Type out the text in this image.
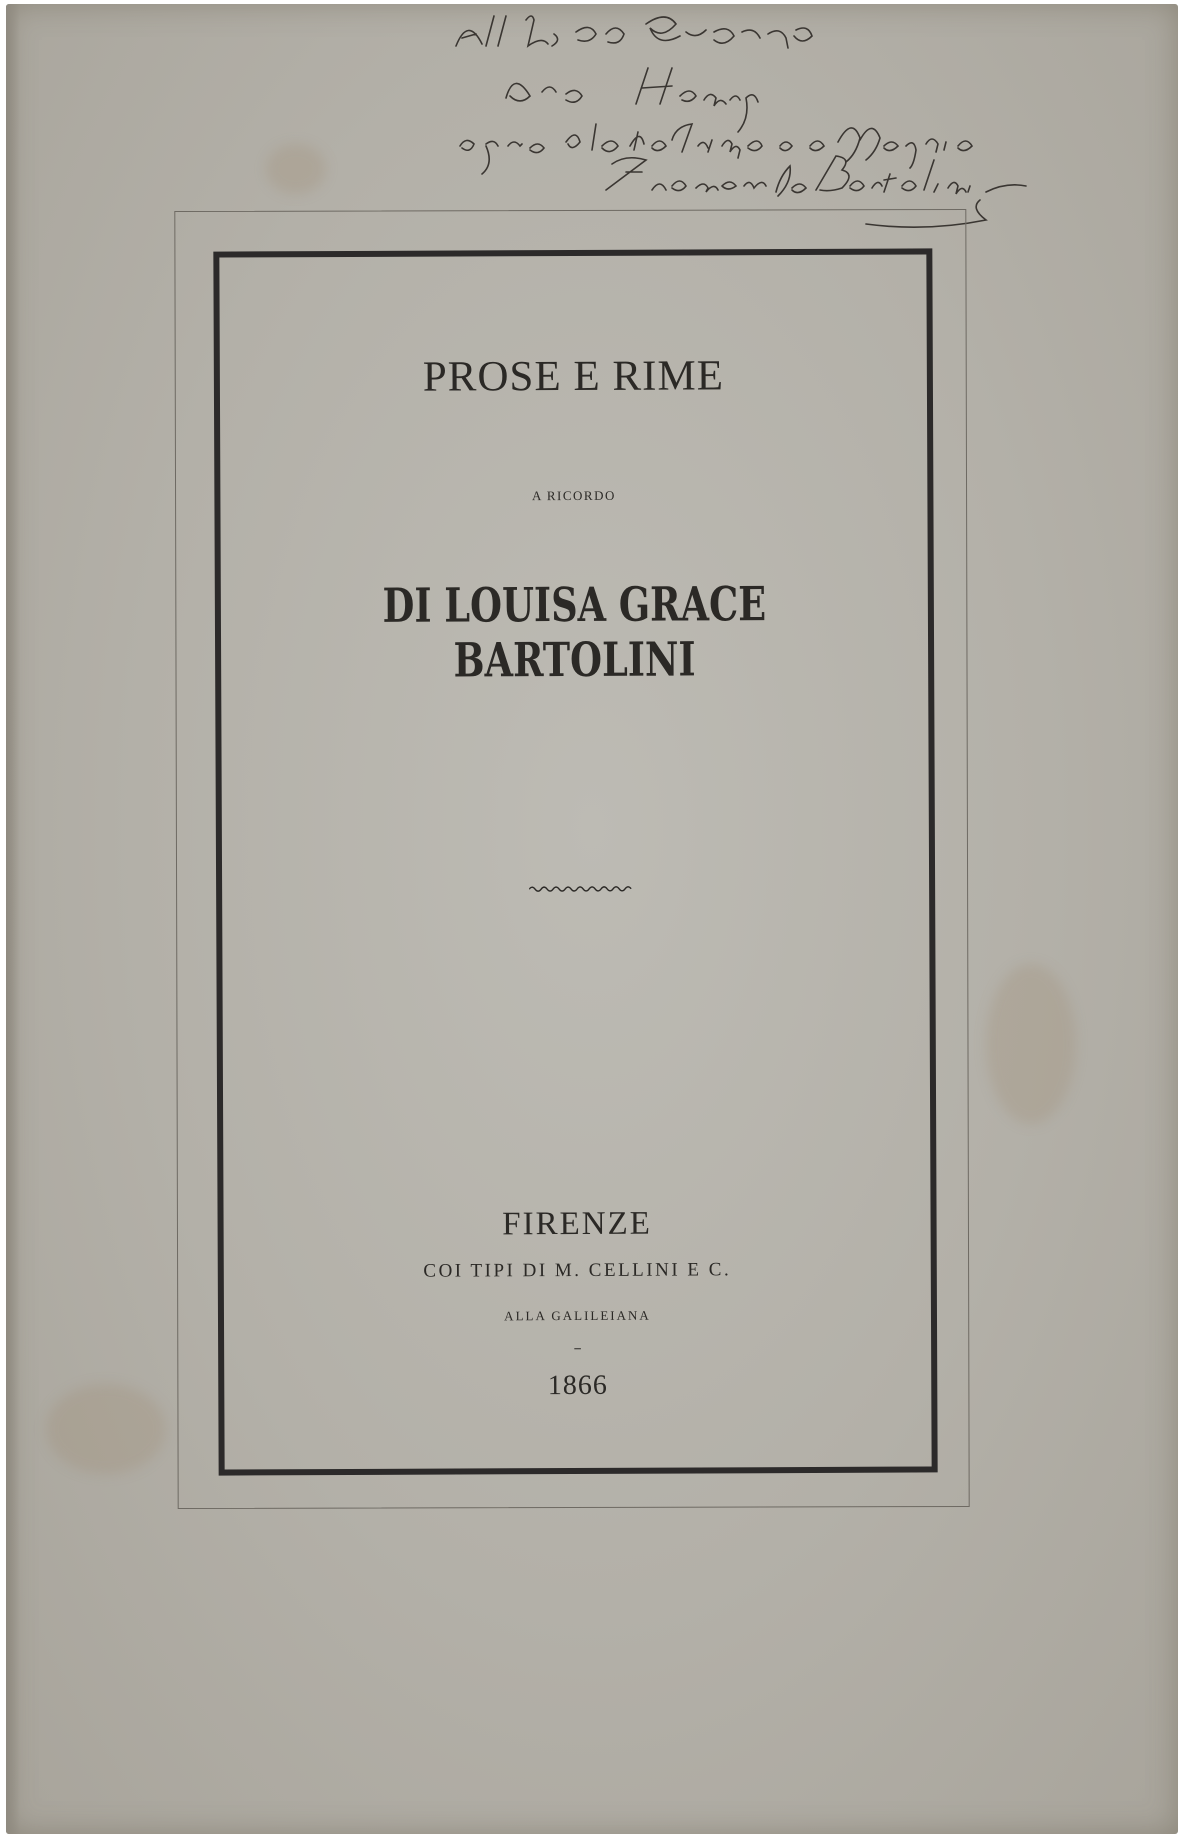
PROSE E RIME
A RICORDO
DI LOUISA GRACE BARTOLINI
FIRENZE
COI TIPI DI M. CELLINI E C.
ALLA GALILEIANA
–
1866
